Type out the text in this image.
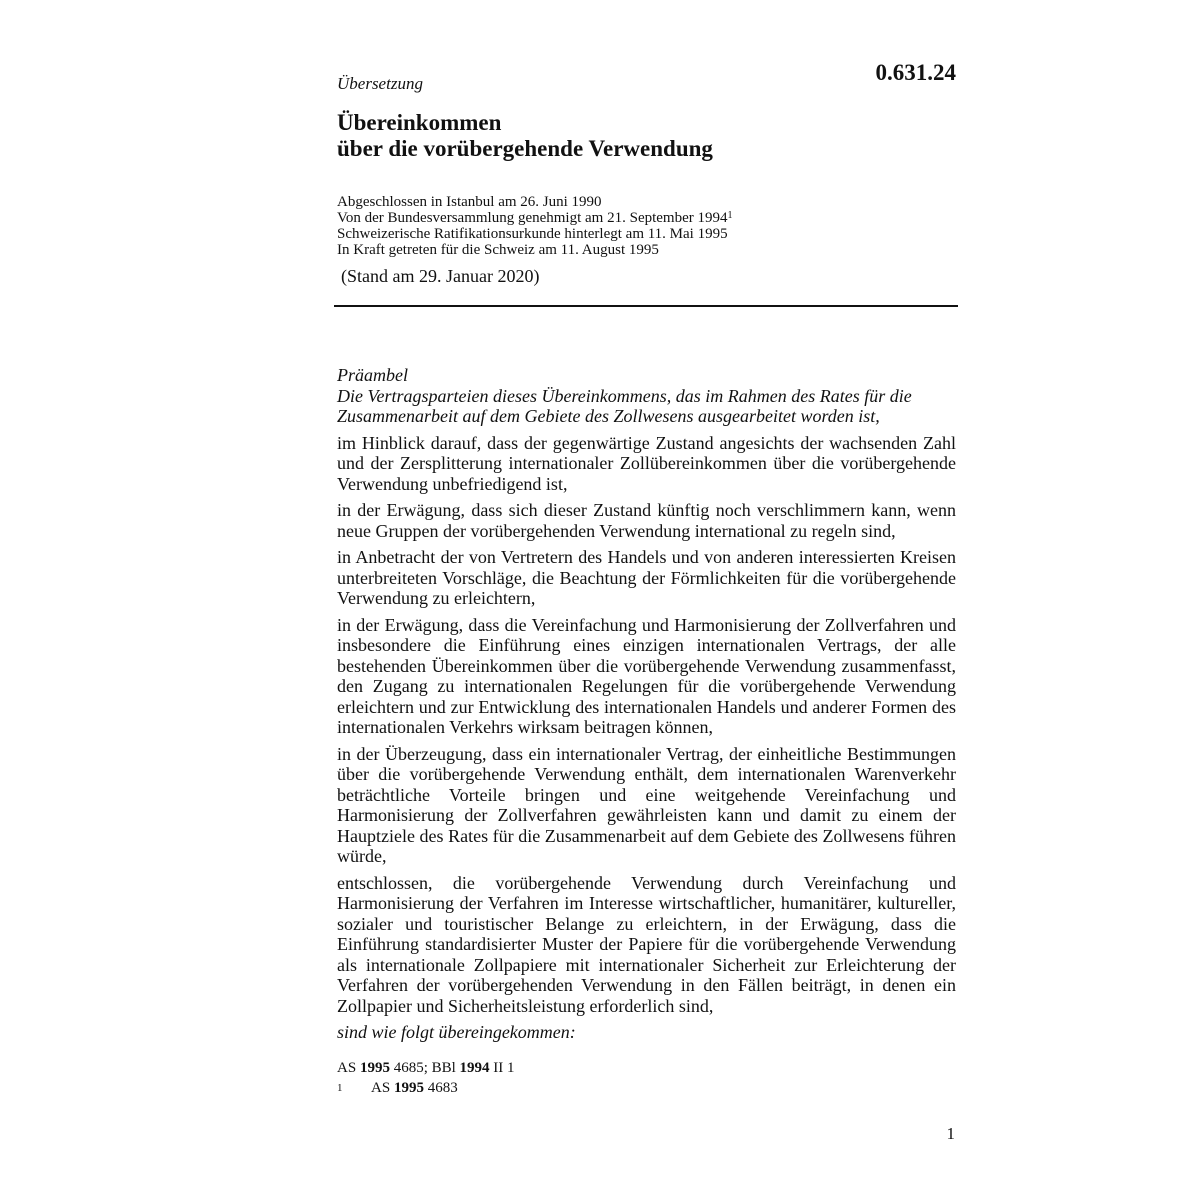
Übersetzung	0.631.24
Übereinkommen
über die vorübergehende Verwendung
Abgeschlossen in Istanbul am 26. Juni 1990
Von der Bundesversammlung genehmigt am 21. September 1994$^1$
Schweizerische Ratifikationsurkunde hinterlegt am 11. Mai 1995
In Kraft getreten für die Schweiz am 11. August 1995
(Stand am 29. Januar 2020)
Präambel
Die Vertragsparteien dieses Übereinkommens, das im Rahmen des Rates für die
Zusammenarbeit auf dem Gebiete des Zollwesens ausgearbeitet worden ist,

im Hinblick darauf, dass der gegenwärtige Zustand angesichts der wachsenden Zahl und der Zersplitterung internationaler Zollübereinkommen über die vorübergehende Verwendung unbefriedigend ist,

in der Erwägung, dass sich dieser Zustand künftig noch verschlimmern kann, wenn neue Gruppen der vorübergehenden Verwendung international zu regeln sind,

in Anbetracht der von Vertretern des Handels und von anderen interessierten Kreisen unterbreiteten Vorschläge, die Beachtung der Förmlichkeiten für die vorübergehende Verwendung zu erleichtern,

in der Erwägung, dass die Vereinfachung und Harmonisierung der Zollverfahren und insbesondere die Einführung eines einzigen internationalen Vertrags, der alle bestehenden Übereinkommen über die vorübergehende Verwendung zusammenfasst, den Zugang zu internationalen Regelungen für die vorübergehende Verwendung erleichtern und zur Entwicklung des internationalen Handels und anderer Formen des internationalen Verkehrs wirksam beitragen können,

in der Überzeugung, dass ein internationaler Vertrag, der einheitliche Bestimmungen über die vorübergehende Verwendung enthält, dem internationalen Warenverkehr beträchtliche Vorteile bringen und eine weitgehende Vereinfachung und Harmonisierung der Zollverfahren gewährleisten kann und damit zu einem der Hauptziele des Rates für die Zusammenarbeit auf dem Gebiete des Zollwesens führen würde,

entschlossen, die vorübergehende Verwendung durch Vereinfachung und Harmonisierung der Verfahren im Interesse wirtschaftlicher, humanitärer, kultureller, sozialer und touristischer Belange zu erleichtern, in der Erwägung, dass die Einführung standardisierter Muster der Papiere für die vorübergehende Verwendung als internationale Zollpapiere mit internationaler Sicherheit zur Erleichterung der Verfahren der vorübergehenden Verwendung in den Fällen beiträgt, in denen ein Zollpapier und Sicherheitsleistung erforderlich sind,

sind wie folgt übereingekommen:
AS 1995 4685; BBl 1994 II 1
1 AS 1995 4683
1
